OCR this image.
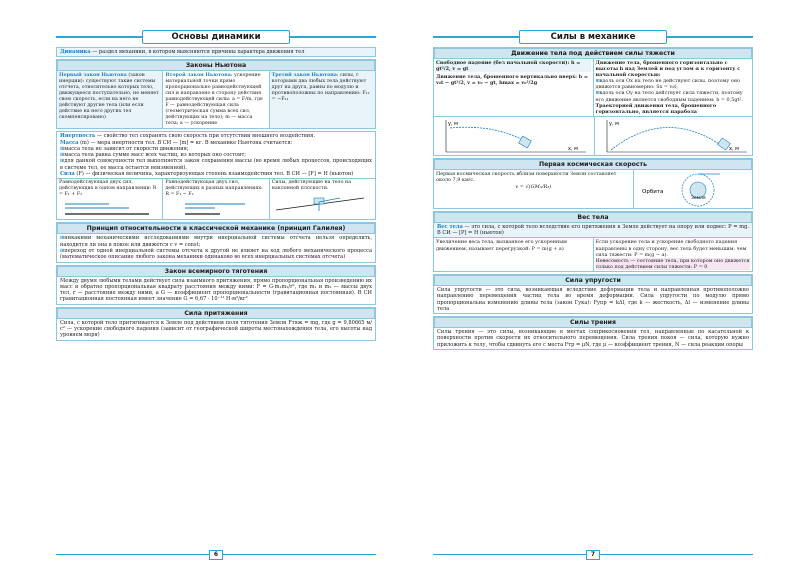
Основы динамики
Динамика — раздел механики, в котором выясняются причины характера движения тел
Законы Ньютона
Первый закон Ньютона (закон инерции): существуют такие системы отсчета, относительно которых тело, движущееся поступательно, не меняет свою скорость, если на него не действуют другие тела (или если действие на него других тел скомпенсировано)
Второй закон Ньютона: ускорение материальной точки прямо пропорционально равнодействующей сил и направлено в сторону действия равнодействующей силы: a = F/m, где F — равнодействующая сила (геометрическая сумма всех сил, действующих на тело); m — масса тела; a — ускорение
Третий закон Ньютона: силы, с которыми два любых тела действуют друг на друга, равны по модулю и противоположны по направлению: F₁₂ = −F₂₁
Инертность — свойство тел сохранять свою скорость при отсутствии внешнего воздействия.
Масса (m) — мера инертности тел. В СИ — [m] = кг. В механике Ньютона считается:
⊞ масса тела не зависит от скорости движения;
⊞ масса тела равна сумме масс всех частиц, из которых оно состоит;
⊞ для данной совокупности тел выполняется закон сохранения массы (во время любых процессов, происходящих в системе тел, ее масса остается неизменной).
Сила (F) — физическая величина, характеризующая степень взаимодействия тел. В СИ — [F] = Н (ньютон)
Равнодействующая двух сил, действующих в одном направлении: R = F₁ + F₂
Равнодействующая двух сил, действующих в разных направлениях: R = F₁ − F₂
Силы, действующие на тело на наклонной плоскости.
Принцип относительности в классической механике (принцип Галилея)
⊞ никакими механическими исследованиями внутри инерциальной системы отсчета нельзя определить, находится ли она в покое или движется с v = const;
⊞ переход от одной инерциальной системы отсчета к другой не влияет на ход любого механического процесса (математическое описание любого закона механики одинаково во всех инерциальных системах отсчета)
Закон всемирного тяготения
Между двумя любыми телами действует сила взаимного притяжения, прямо пропорциональная произведению их масс и обратно пропорциональная квадрату расстояния между ними: F = G·m₁m₂/r², где m₁ и m₂ — массы двух тел, r — расстояние между ними, а G — коэффициент пропорциональности (гравитационная постоянная). В СИ гравитационная постоянная имеет значение G = 6,67 · 10⁻¹¹ Н·м²/кг²
Сила притяжения
Сила, с которой тело притягивается к Земле под действием поля тяготения Земли Fтяж = mg, где g = 9,80665 м/с² — ускорение свободного падения (зависит от географической широты местонахождения тела, его высоты над уровнем моря)
6
Силы в механике
Движение тела под действием силы тяжести
Свободное падение (без начальной скорости): h = gt²/2, v = gt
Движение тела, брошенного вертикально вверх: h = v₀t − gt²/2, v = v₀ − gt, hmax = v₀²/2g
Движение тела, брошенного горизонтально с высоты h над Землей и под углом α к горизонту с начальной скоростью:
⊞ вдоль оси Ox на тело не действуют силы, поэтому оно движется равномерно: Sx = v₀t;
⊞ вдоль оси Oy на тело действует сила тяжести, поэтому его движение является свободным падением: h = 0,5gt².
Траекторией движения тела, брошенного горизонтально, является парабола
y, м
x, м
y, м
x, м
Первая космическая скорость
Первая космическая скорость вблизи поверхности Земли составляет около 7,9 км/с.
v = √(GM₃/R₃)
Орбита
Земля
Вес тела
Вес тела — это сила, с которой тело вследствие его притяжения к Земле действует на опору или подвес: P = mg. В СИ — [P] = Н (ньютон)
Увеличение веса тела, вызванное его ускоренным движением, называют перегрузкой: P = m(g + a)
Если ускорение тела и ускорение свободного падения направлены в одну сторону, вес тела будет меньшим, чем сила тяжести: P = m(g − a).
Невесомость — состояние тела, при котором оно движется только под действием силы тяжести: P = 0
Сила упругости
Сила упругости — это сила, возникающая вследствие деформации тела и направленная противоположно направлению перемещения частиц тела во время деформации. Сила упругости по модулю прямо пропорциональна изменению длины тела (закон Гука): Fупр = kΔl, где k — жесткость, Δl — изменение длины тела
Силы трения
Силы трения — это силы, возникающие в местах соприкосновения тел, направленные по касательной к поверхности против скорости их относительного перемещения. Сила трения покоя — сила, которую нужно приложить к телу, чтобы сдвинуть его с места Fтр = μN, где μ — коэффициент трения, N — сила реакции опоры
7
